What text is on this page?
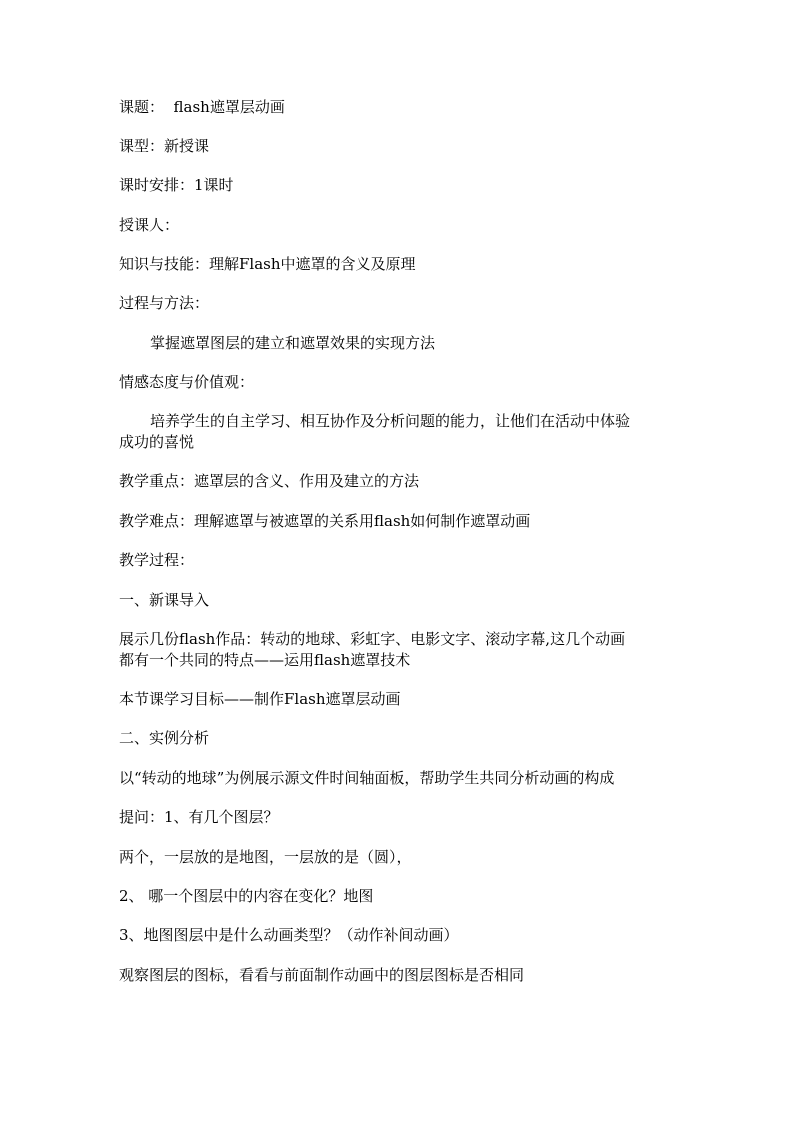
课题：  flash遮罩层动画
课型：新授课
课时安排：1课时
授课人：
知识与技能：理解Flash中遮罩的含义及原理
过程与方法：
掌握遮罩图层的建立和遮罩效果的实现方法
情感态度与价值观：
培养学生的自主学习、相互协作及分析问题的能力，让他们在活动中体验
成功的喜悦
教学重点：遮罩层的含义、作用及建立的方法
教学难点：理解遮罩与被遮罩的关系用flash如何制作遮罩动画
教学过程：
一、新课导入
展示几份flash作品：转动的地球、彩虹字、电影文字、滚动字幕,这几个动画
都有一个共同的特点——运用flash遮罩技术
本节课学习目标——制作Flash遮罩层动画
二、实例分析
以“转动的地球”为例展示源文件时间轴面板，帮助学生共同分析动画的构成
提问：1、有几个图层？
两个，一层放的是地图，一层放的是（圆），
2、 哪一个图层中的内容在变化？地图
3、地图图层中是什么动画类型？（动作补间动画）
观察图层的图标，看看与前面制作动画中的图层图标是否相同
